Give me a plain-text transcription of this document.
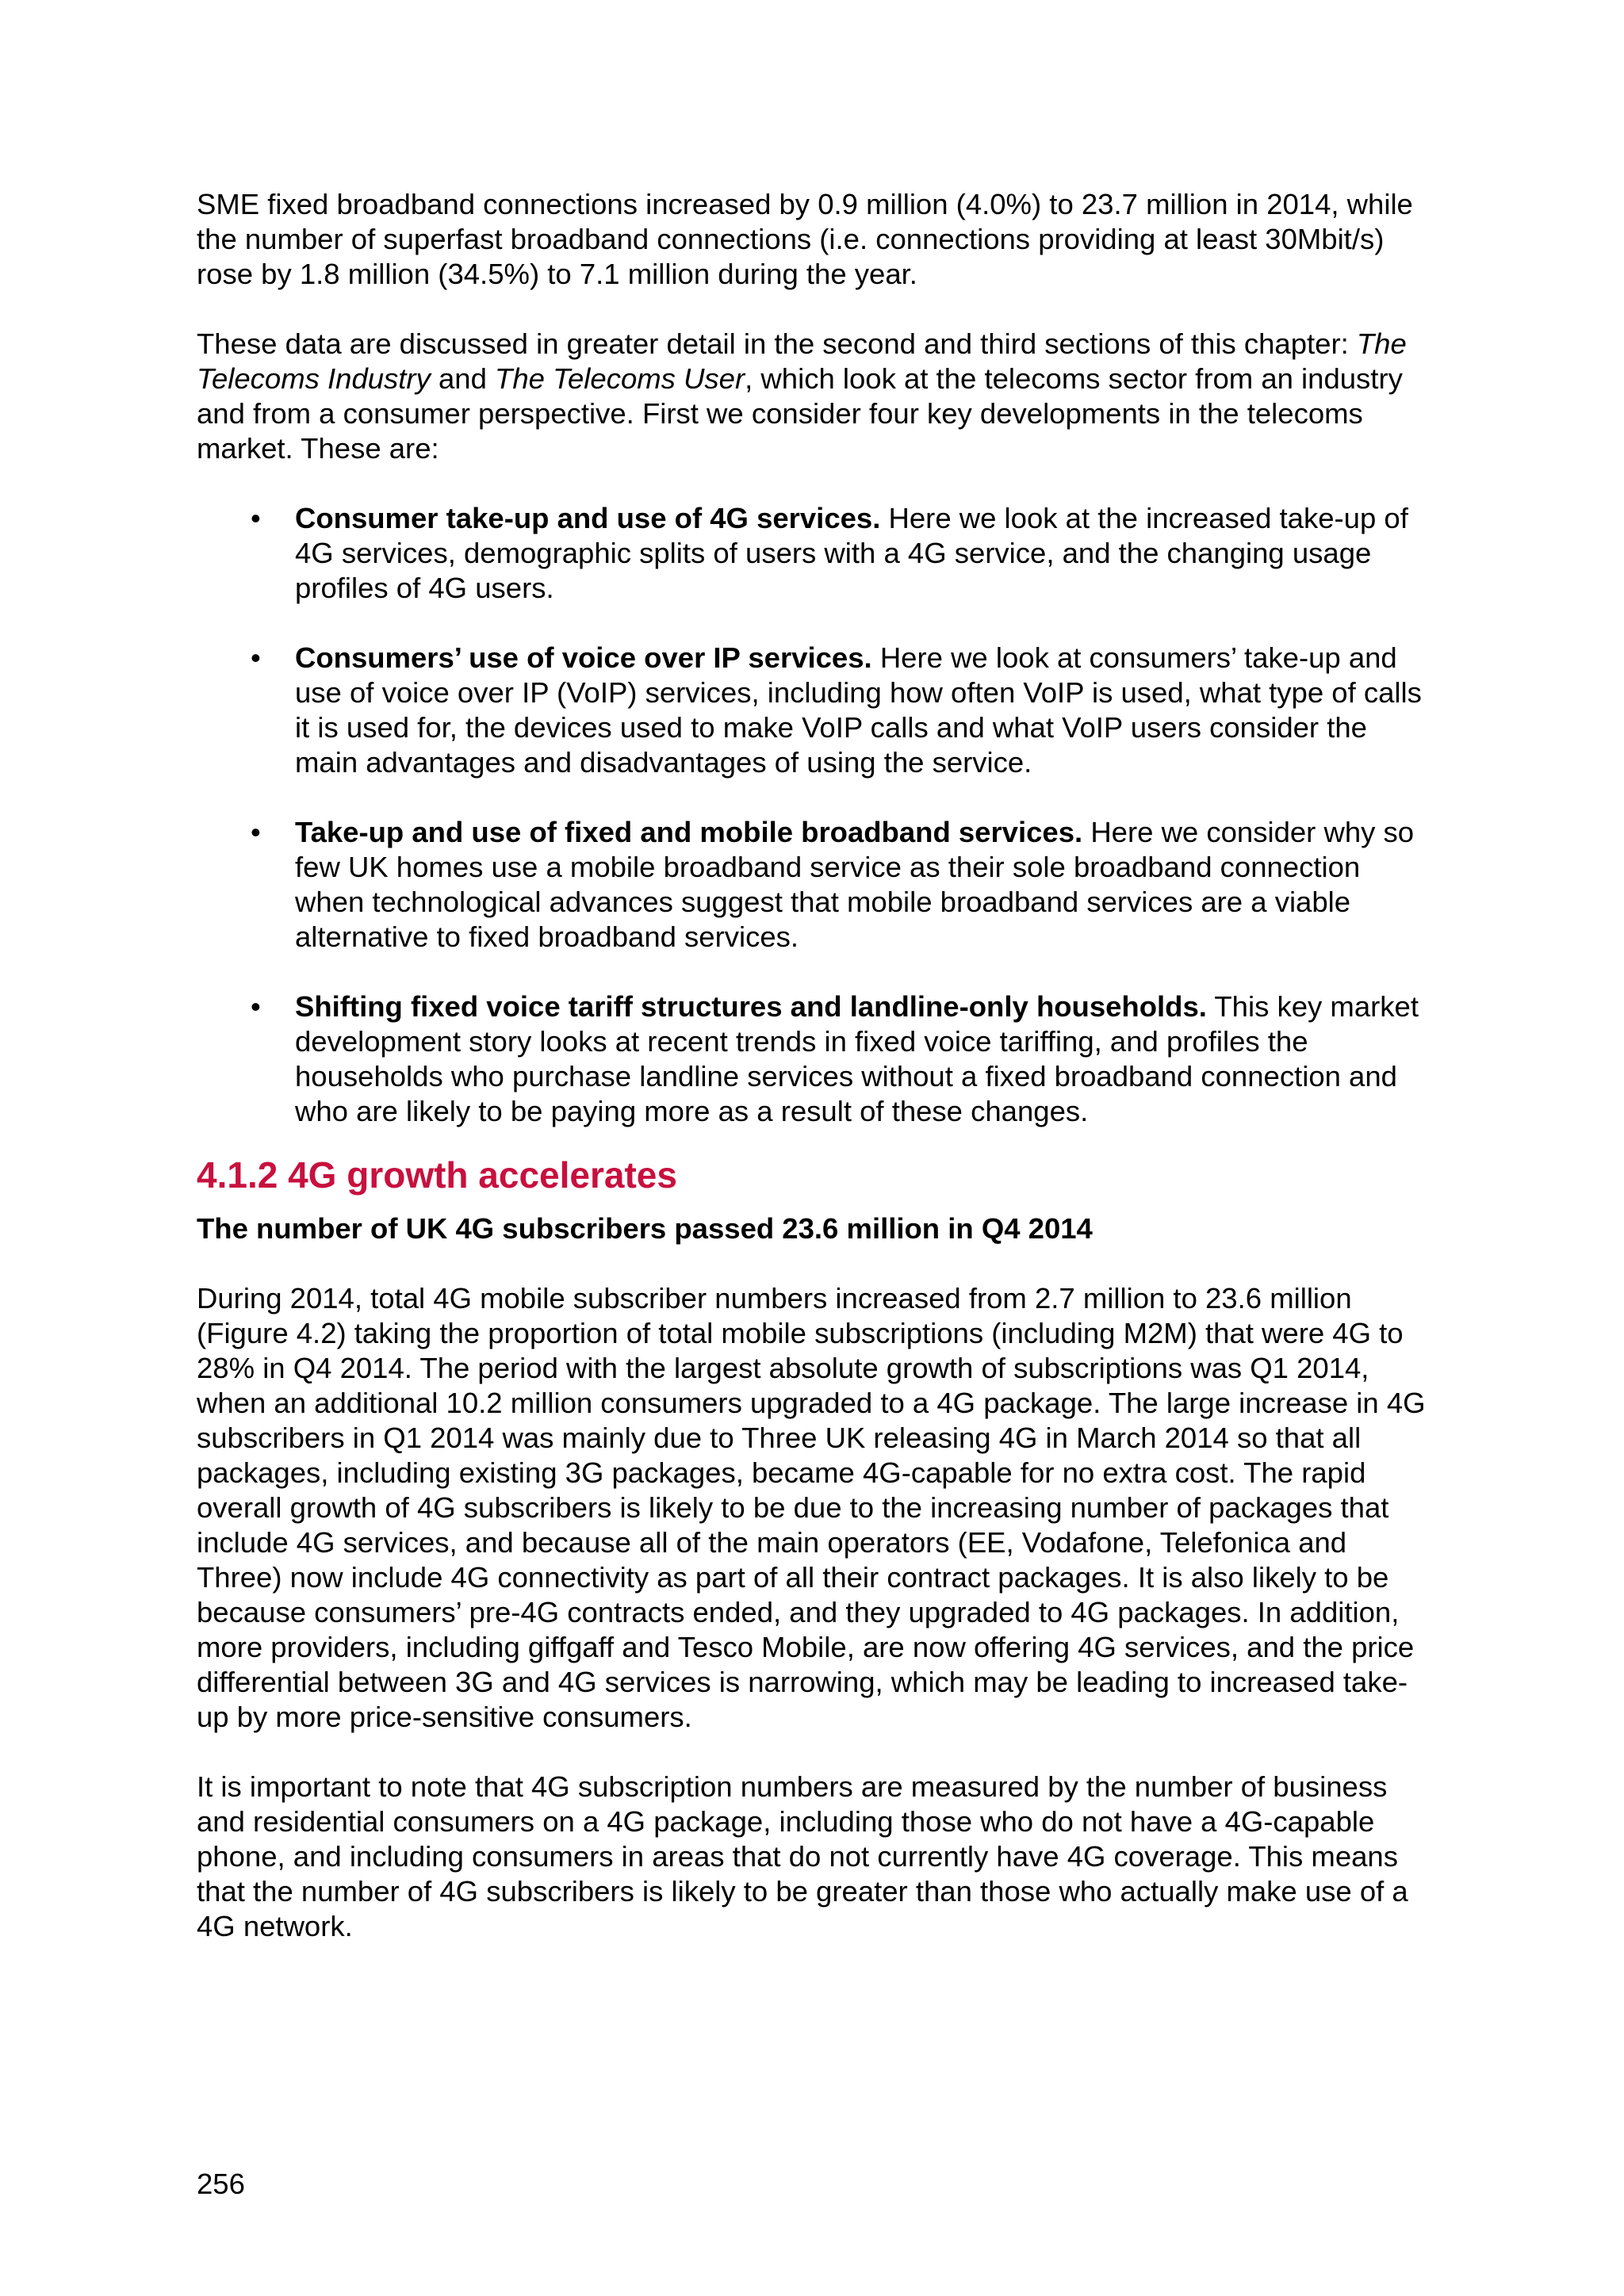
SME fixed broadband connections increased by 0.9 million (4.0%) to 23.7 million in 2014, while the number of superfast broadband connections (i.e. connections providing at least 30Mbit/s) rose by 1.8 million (34.5%) to 7.1 million during the year.

These data are discussed in greater detail in the second and third sections of this chapter: The Telecoms Industry and The Telecoms User, which look at the telecoms sector from an industry and from a consumer perspective. First we consider four key developments in the telecoms market. These are:

• Consumer take-up and use of 4G services. Here we look at the increased take-up of 4G services, demographic splits of users with a 4G service, and the changing usage profiles of 4G users.
• Consumers’ use of voice over IP services. Here we look at consumers’ take-up and use of voice over IP (VoIP) services, including how often VoIP is used, what type of calls it is used for, the devices used to make VoIP calls and what VoIP users consider the main advantages and disadvantages of using the service.
• Take-up and use of fixed and mobile broadband services. Here we consider why so few UK homes use a mobile broadband service as their sole broadband connection when technological advances suggest that mobile broadband services are a viable alternative to fixed broadband services.
• Shifting fixed voice tariff structures and landline-only households. This key market development story looks at recent trends in fixed voice tariffing, and profiles the households who purchase landline services without a fixed broadband connection and who are likely to be paying more as a result of these changes.
4.1.2 4G growth accelerates

The number of UK 4G subscribers passed 23.6 million in Q4 2014

During 2014, total 4G mobile subscriber numbers increased from 2.7 million to 23.6 million (Figure 4.2) taking the proportion of total mobile subscriptions (including M2M) that were 4G to 28% in Q4 2014. The period with the largest absolute growth of subscriptions was Q1 2014, when an additional 10.2 million consumers upgraded to a 4G package. The large increase in 4G subscribers in Q1 2014 was mainly due to Three UK releasing 4G in March 2014 so that all packages, including existing 3G packages, became 4G-capable for no extra cost. The rapid overall growth of 4G subscribers is likely to be due to the increasing number of packages that include 4G services, and because all of the main operators (EE, Vodafone, Telefonica and Three) now include 4G connectivity as part of all their contract packages. It is also likely to be because consumers’ pre-4G contracts ended, and they upgraded to 4G packages. In addition, more providers, including giffgaff and Tesco Mobile, are now offering 4G services, and the price differential between 3G and 4G services is narrowing, which may be leading to increased take-up by more price-sensitive consumers.

It is important to note that 4G subscription numbers are measured by the number of business and residential consumers on a 4G package, including those who do not have a 4G-capable phone, and including consumers in areas that do not currently have 4G coverage. This means that the number of 4G subscribers is likely to be greater than those who actually make use of a 4G network.

256
